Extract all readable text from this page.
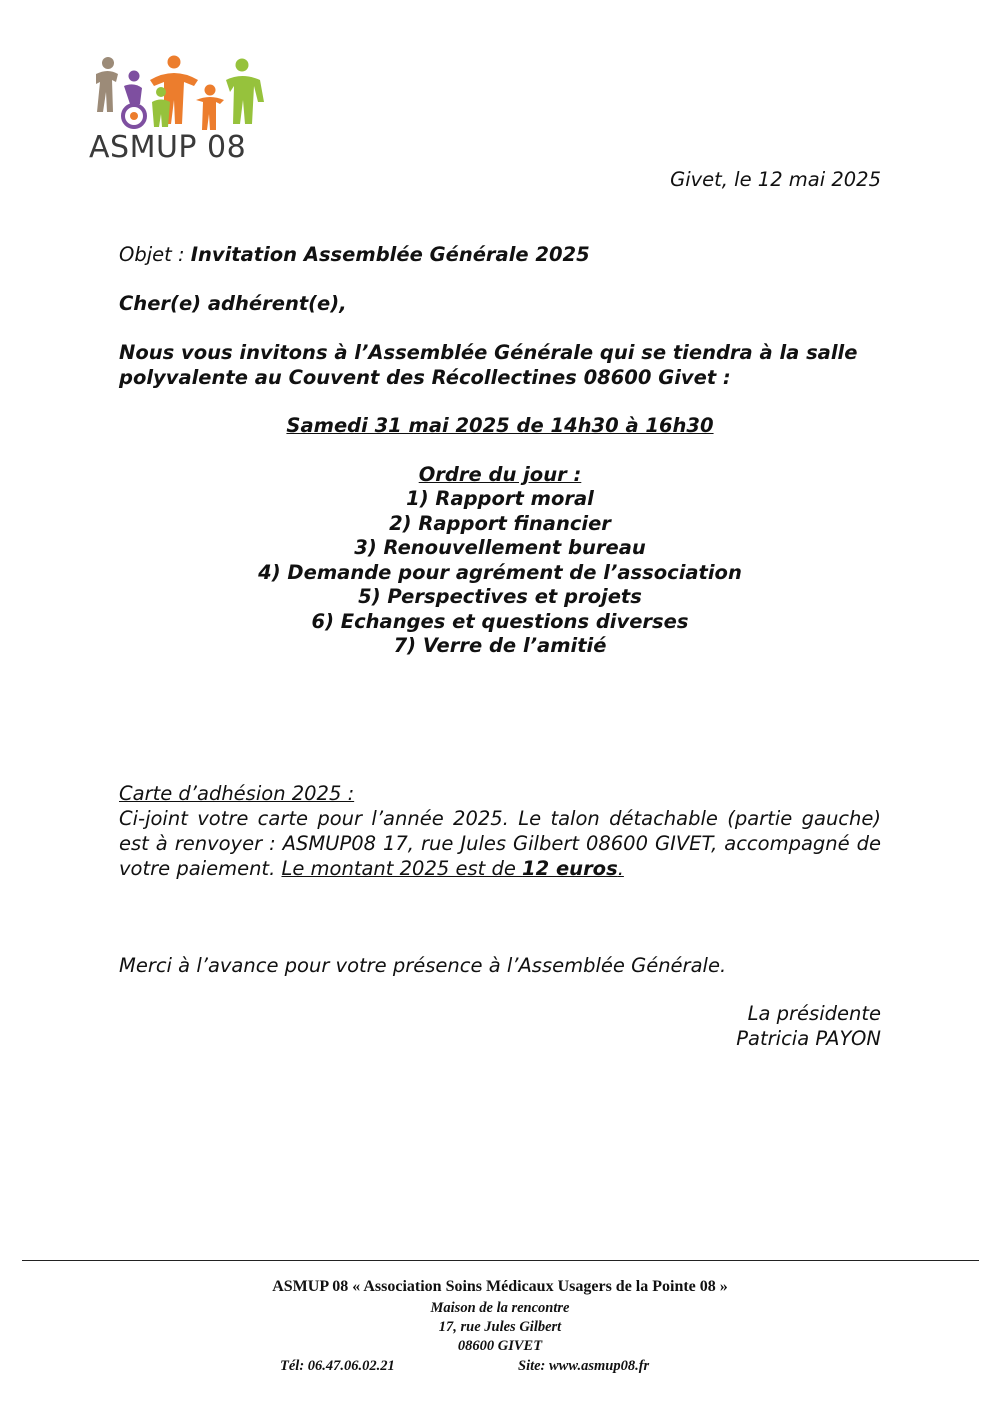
ASMUP 08
Givet, le 12 mai 2025
Objet : Invitation Assemblée Générale 2025
Cher(e) adhérent(e),
Nous vous invitons à l’Assemblée Générale qui se tiendra à la salle polyvalente au Couvent des Récollectines 08600 Givet :
Samedi 31 mai 2025 de 14h30 à 16h30
Ordre du jour :
1) Rapport moral
2) Rapport financier
3) Renouvellement bureau
4) Demande pour agrément de l’association
5) Perspectives et projets
6) Echanges et questions diverses
7) Verre de l’amitié
Carte d’adhésion 2025 :
Ci-joint votre carte pour l’année 2025. Le talon détachable (partie gauche) est à renvoyer : ASMUP08 17, rue Jules Gilbert 08600 GIVET, accompagné de votre paiement. Le montant 2025 est de 12 euros.
Merci à l’avance pour votre présence à l’Assemblée Générale.
La présidente
Patricia PAYON
ASMUP 08 « Association Soins Médicaux Usagers de la Pointe 08 »
Maison de la rencontre
17, rue Jules Gilbert
08600 GIVET
Tél: 06.47.06.02.21	Site: www.asmup08.fr
